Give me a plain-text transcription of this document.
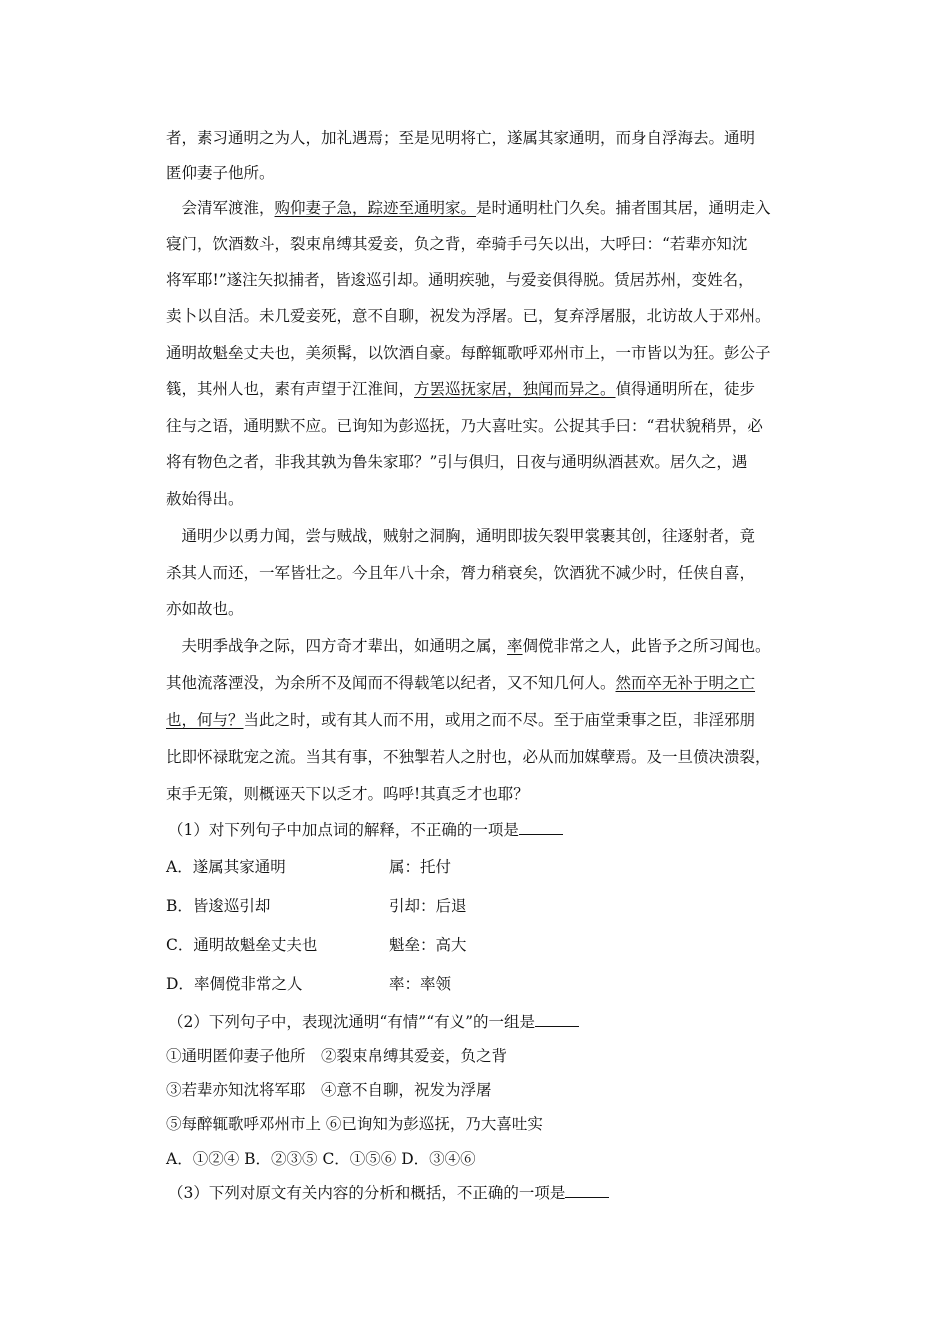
者，素习通明之为人，加礼遇焉；至是见明将亡，遂属其家通明，而身自浮海去。通明
匿仰妻子他所。
　会清军渡淮，购仰妻子急，踪迹至通明家。是时通明杜门久矣。捕者围其居，通明走入
寝门，饮酒数斗，裂束帛缚其爱妾，负之背，牵骑手弓矢以出，大呼曰：“若辈亦知沈
将军耶!”遂注矢拟捕者，皆逡巡引却。通明疾驰，与爱妾俱得脱。赁居苏州，变姓名，
卖卜以自活。未几爱妾死，意不自聊，祝发为浮屠。已，复弃浮屠服，北访故人于邓州。
通明故魁垒丈夫也，美须髯，以饮酒自豪。每醉辄歌呼邓州市上，一市皆以为狂。彭公子
篯，其州人也，素有声望于江淮间，方罢巡抚家居，独闻而异之。偵得通明所在，徒步
往与之语，通明默不应。已询知为彭巡抚，乃大喜吐实。公捉其手曰：“君状貌稍畀，必
将有物色之者，非我其孰为鲁朱家耶？”引与俱归，日夜与通明纵酒甚欢。居久之，遇
赦始得出。
　通明少以勇力闻，尝与贼战，贼射之洞胸，通明即拔矢裂甲裳裹其创，往逐射者，竟
杀其人而还，一军皆壮之。今且年八十余，膂力稍衰矣，饮酒犹不减少时，任侠自喜，
亦如故也。
　夫明季战争之际，四方奇才辈出，如通明之属，率倜傥非常之人，此皆予之所习闻也。
其他流落湮没，为余所不及闻而不得载笔以纪者，又不知几何人。然而卒无补于明之亡
也，何与？当此之时，或有其人而不用，或用之而不尽。至于庙堂秉事之臣，非淫邪朋
比即怀禄耽宠之流。当其有事，不独掣若人之肘也，必从而加媒孽焉。及一旦偾决溃裂，
束手无策，则概诬天下以乏才。呜呼!其真乏才也耶？
（1）对下列句子中加点词的解释，不正确的一项是
A．遂属其家通明	属：托付
B．皆逡巡引却	引却：后退
C．通明故魁垒丈夫也	魁垒：高大
D．率倜傥非常之人	率：率领
（2）下列句子中，表现沈通明“有情”“有义”的一组是
①通明匿仰妻子他所　②裂束帛缚其爱妾，负之背
③若辈亦知沈将军耶　④意不自聊，祝发为浮屠
⑤每醉辄歌呼邓州市上 ⑥已询知为彭巡抚，乃大喜吐实
A．①②④ B．②③⑤ C．①⑤⑥ D．③④⑥
（3）下列对原文有关内容的分析和概括，不正确的一项是
